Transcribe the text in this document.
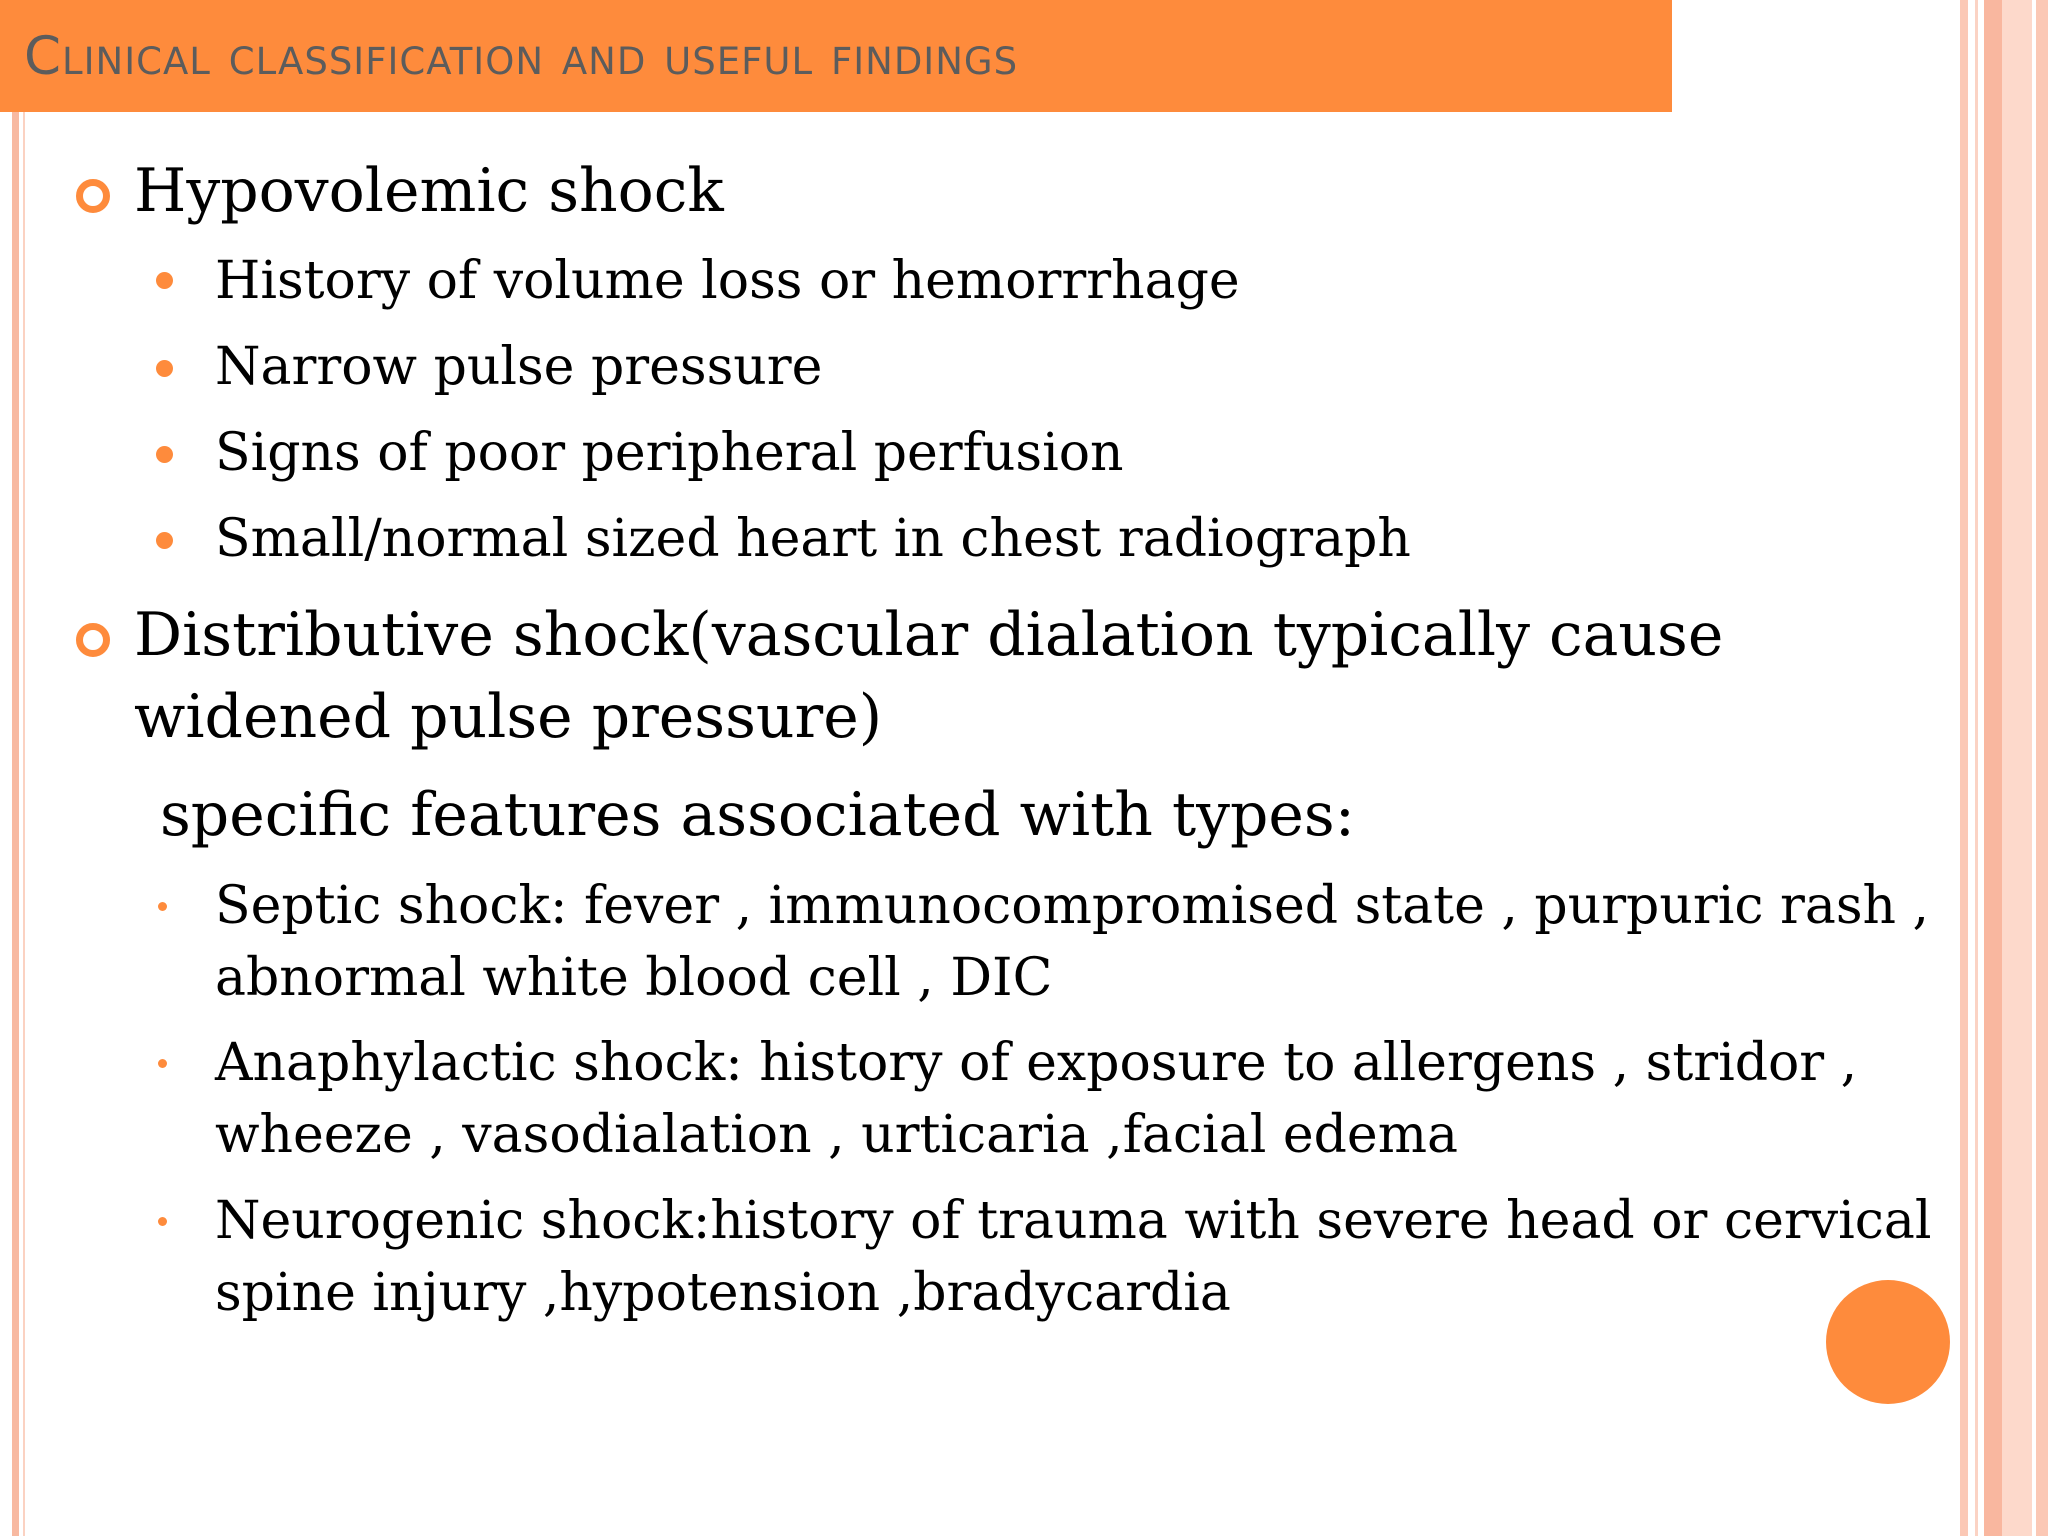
Clinical classification and useful findings
Hypovolemic shock
History of volume loss or hemorrrhage
Narrow pulse pressure
Signs of poor peripheral perfusion
Small/normal sized heart in chest radiograph
Distributive shock(vascular dialation typically cause
widened pulse pressure)
specific features associated with types:
Septic shock: fever , immunocompromised state , purpuric rash ,
abnormal white blood cell , DIC
Anaphylactic shock: history of exposure to allergens , stridor ,
wheeze , vasodialation , urticaria ,facial edema
Neurogenic shock:history of trauma with severe head or cervical
spine injury ,hypotension ,bradycardia
